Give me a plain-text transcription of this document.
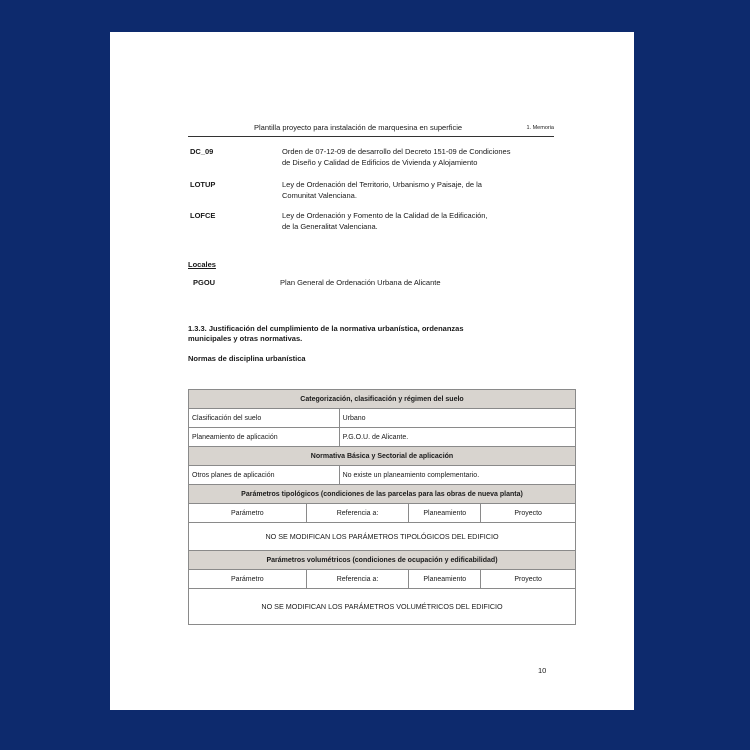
Plantilla proyecto para instalación de marquesina en superficie	1. Memoria
DC_09	Orden de 07-12-09 de desarrollo del Decreto 151-09 de Condiciones
de Diseño y Calidad de Edificios de Vivienda y Alojamiento
LOTUP	Ley de Ordenación del Territorio, Urbanismo y Paisaje, de la
Comunitat Valenciana.
LOFCE	Ley de Ordenación y Fomento de la Calidad de la Edificación,
de la Generalitat Valenciana.
Locales
PGOU	Plan General de Ordenación Urbana de Alicante
1.3.3. Justificación del cumplimiento de la normativa urbanística, ordenanzas
municipales y otras normativas.
Normas de disciplina urbanística
Categorización, clasificación y régimen del suelo				
Clasificación del suelo		Urbano		
Planeamiento de aplicación		P.G.O.U. de Alicante.		
Normativa Básica y Sectorial de aplicación				
Otros planes de aplicación		No existe un planeamiento complementario.		
Parámetros tipológicos (condiciones de las parcelas para las obras de nueva planta)				
Parámetro	Referencia a:		Planeamiento	Proyecto
NO SE MODIFICAN LOS PARÁMETROS TIPOLÓGICOS DEL EDIFICIO				
Parámetros volumétricos (condiciones de ocupación y edificabilidad)				
Parámetro	Referencia a:		Planeamiento	Proyecto
NO SE MODIFICAN LOS PARÁMETROS VOLUMÉTRICOS DEL EDIFICIO				
10
